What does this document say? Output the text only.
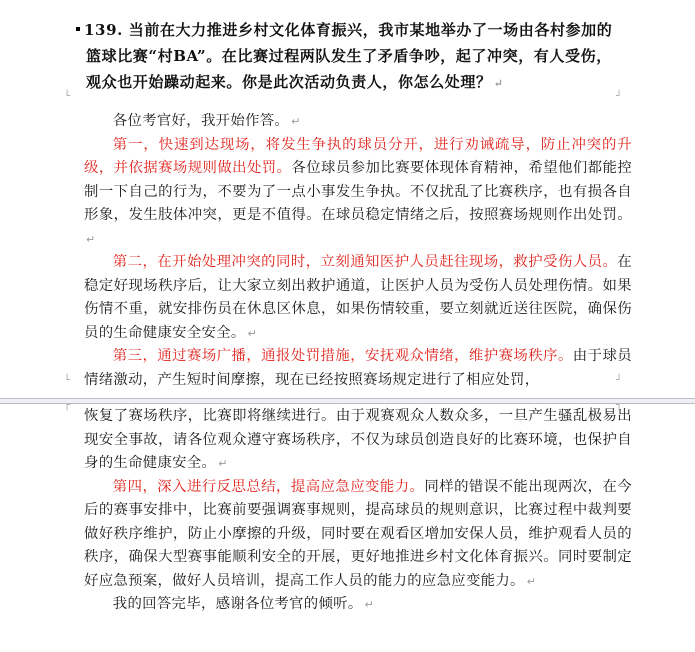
└	┘
└	┘
┌	┐
139. 当前在大力推进乡村文化体育振兴，我市某地举办了一场由各村参加的篮球比赛“村BA”。在比赛过程两队发生了矛盾争吵，起了冲突，有人受伤，观众也开始躁动起来。你是此次活动负责人，你怎么处理？ ↵

各位考官好，我开始作答。 ↵

第一，快速到达现场，将发生争执的球员分开，进行劝诫疏导，防止冲突的升级，并依据赛场规则做出处罚。各位球员参加比赛要体现体育精神，希望他们都能控制一下自己的行为，不要为了一点小事发生争执。不仅扰乱了比赛秩序，也有损各自形象，发生肢体冲突，更是不值得。在球员稳定情绪之后，按照赛场规则作出处罚。↵

第二，在开始处理冲突的同时，立刻通知医护人员赶往现场，救护受伤人员。在稳定好现场秩序后，让大家立刻出救护通道，让医护人员为受伤人员处理伤情。如果伤情不重，就安排伤员在休息区休息，如果伤情较重，要立刻就近送往医院，确保伤员的生命健康安全安全。 ↵

第三，通过赛场广播，通报处罚措施，安抚观众情绪，维护赛场秩序。由于球员情绪激动，产生短时间摩擦，现在已经按照赛场规定进行了相应处罚，

恢复了赛场秩序，比赛即将继续进行。由于观赛观众人数众多，一旦产生骚乱极易出现安全事故，请各位观众遵守赛场秩序，不仅为球员创造良好的比赛环境，也保护自身的生命健康安全。 ↵

第四，深入进行反思总结，提高应急应变能力。同样的错误不能出现两次，在今后的赛事安排中，比赛前要强调赛事规则，提高球员的规则意识，比赛过程中裁判要做好秩序维护，防止小摩擦的升级，同时要在观看区增加安保人员，维护观看人员的秩序，确保大型赛事能顺利安全的开展，更好地推进乡村文化体育振兴。同时要制定好应急预案，做好人员培训，提高工作人员的能力的应急应变能力。 ↵

我的回答完毕，感谢各位考官的倾听。 ↵
